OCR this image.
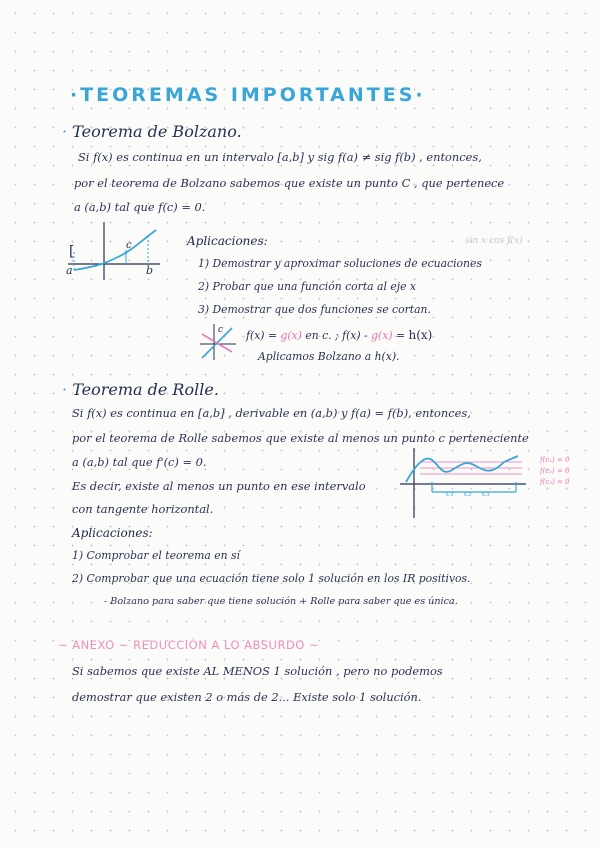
·TEOREMAS IMPORTANTES·
· Teorema de Bolzano.
Si f(x) es continua en un intervalo [a,b] y sig f(a) ≠ sig f(b) , entonces,
por el teorema de Bolzano sabemos que existe un punto C , que pertenece
a (a,b) tal que f(c) = 0.
[
a	b
c	sin x·cos f(x)
Aplicaciones:
1) Demostrar y aproximar soluciones de ecuaciones
2) Probar que una función corta al eje x
3) Demostrar que dos funciones se cortan.
c f(x) = g(x) en c. ; f(x) - g(x) = h(x)
Aplicamos Bolzano a h(x).
· Teorema de Rolle.
Si f(x) es continua en [a,b] , derivable en (a,b) y f(a) = f(b), entonces,
por el teorema de Rolle sabemos que existe al menos un punto c perteneciente
a (a,b) tal que f'(c) = 0.
Es decir, existe al menos un punto en ese intervalo
con tangente horizontal.
c₁ c₂ c₃
f(c₁) = 0
f(c₂) = 0
f(c₃) = 0
Aplicaciones:
1) Comprobar el teorema en sí
2) Comprobar que una ecuación tiene solo 1 solución en los IR positivos.
- Bolzano para saber que tiene solución + Rolle para saber que es única.
~ ANEXO ~ REDUCCIÓN A LO ABSURDO ~
Si sabemos que existe AL MENOS 1 solución , pero no podemos
demostrar que existen 2 o más de 2... Existe solo 1 solución.
